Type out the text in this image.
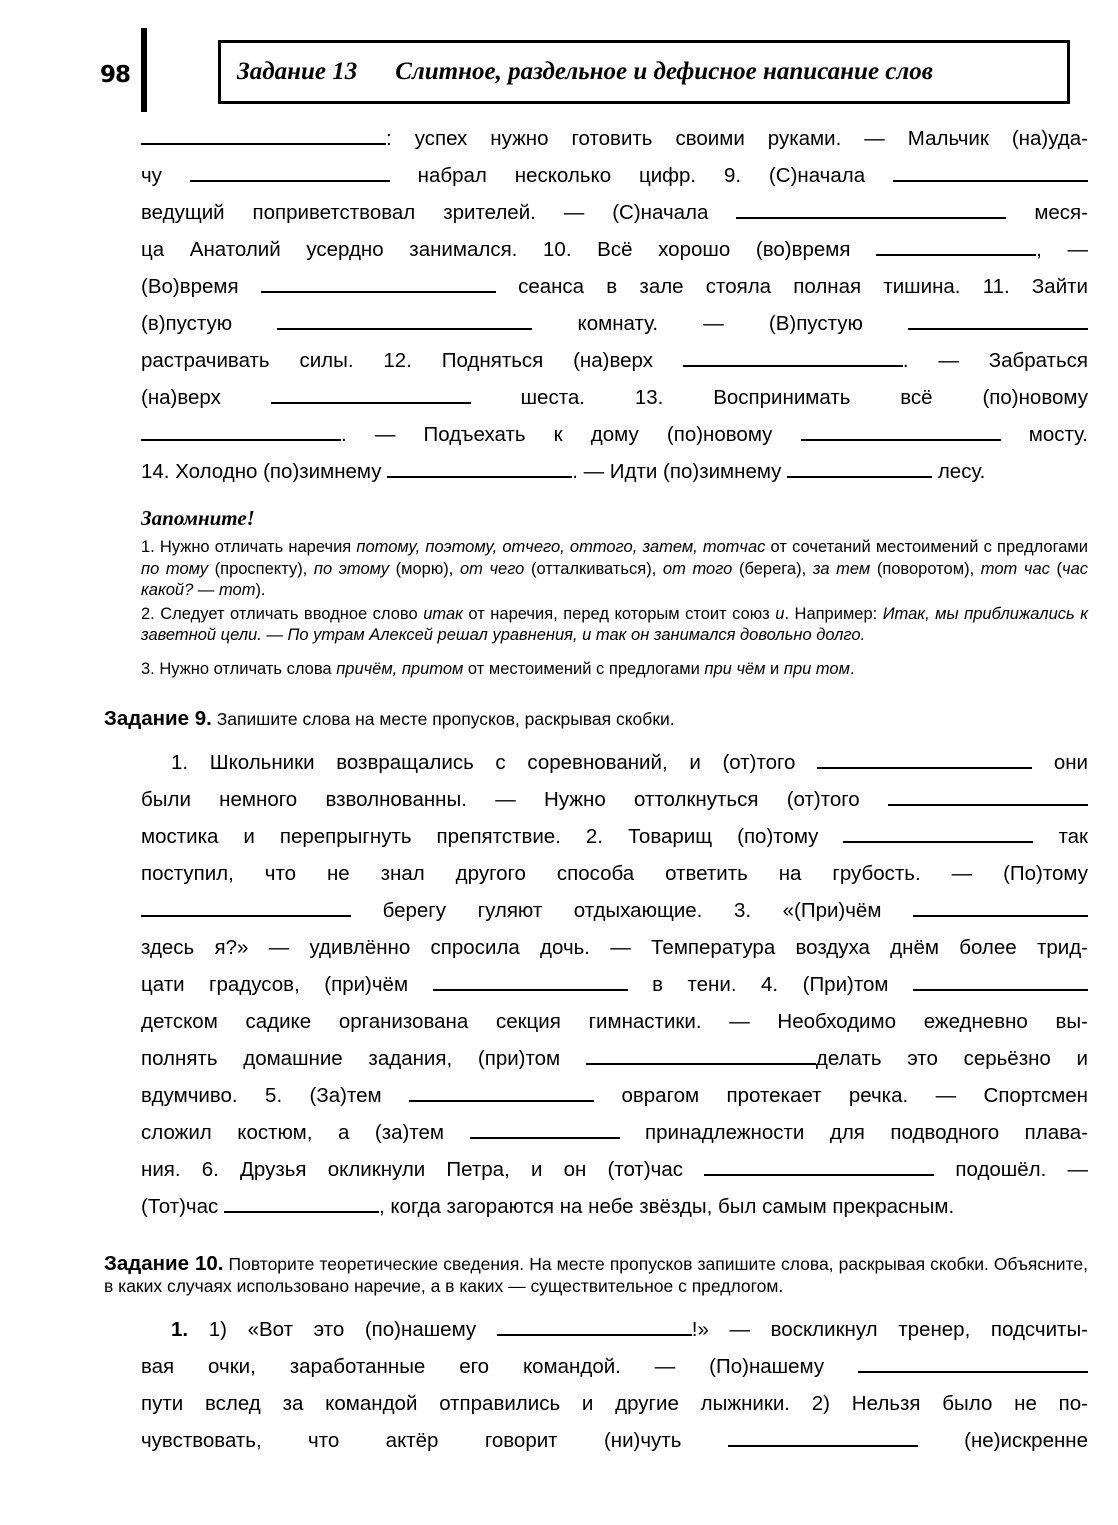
98	Задание 13 Слитное, раздельное и дефисное написание слов
: успех нужно готовить своими руками. — Мальчик (на)уда-
чу	набрал несколько цифр. 9. (С)начала
ведущий поприветствовал зрителей. — (С)начала	меся-
ца Анатолий усердно занимался. 10. Всё хорошо (во)время	, —
(Во)время	сеанса в зале стояла полная тишина. 11. Зайти
(в)пустую	комнату. — (В)пустую
растрачивать силы. 12. Подняться (на)верх	. — Забраться
(на)верх	шеста. 13. Воспринимать всё (по)новому
. — Подъехать к дому (по)новому	мосту.
14. Холодно (по)зимнему	. — Идти (по)зимнему	лесу.
Запомните!

1. Нужно отличать наречия потому, поэтому, отчего, оттого, затем, тотчас от сочетаний местоимений с предлогами по тому (проспекту), по этому (морю), от чего (отталкиваться), от того (берега), за тем (поворотом), тот час (час какой? — тот).

2. Следует отличать вводное слово итак от наречия, перед которым стоит союз и. Например: Итак, мы приближались к заветной цели. — По утрам Алексей решал уравнения, и так он занимался довольно долго.

3. Нужно отличать слова причём, притом от местоимений с предлогами при чём и при том.

Задание 9. Запишите слова на месте пропусков, раскрывая скобки.
1. Школьники возвращались с соревнований, и (от)того	они
были немного взволнованны. — Нужно оттолкнуться (от)того
мостика и перепрыгнуть препятствие. 2. Товарищ (по)тому	так
поступил, что не знал другого способа ответить на грубость. — (По)тому
берегу гуляют отдыхающие. 3. «(При)чём
здесь я?» — удивлённо спросила дочь. — Температура воздуха днём более трид-
цати градусов, (при)чём	в тени. 4. (При)том
детском садике организована секция гимнастики. — Необходимо ежедневно вы-
полнять домашние задания, (при)том	делать это серьёзно и
вдумчиво. 5. (За)тем	оврагом протекает речка. — Спортсмен
сложил костюм, а (за)тем	принадлежности для подводного плава-
ния. 6. Друзья окликнули Петра, и он (тот)час	подошёл. —
(Тот)час	, когда загораются на небе звёзды, был самым прекрасным.
Задание 10. Повторите теоретические сведения. На месте пропусков запишите слова, раскрывая скобки. Объясните, в каких случаях использовано наречие, а в каких — существительное с предлогом.
1. 1) «Вот это (по)нашему	!» — воскликнул тренер, подсчиты-
вая очки, заработанные его командой. — (По)нашему
пути вслед за командой отправились и другие лыжники. 2) Нельзя было не по-
чувствовать, что актёр говорит (ни)чуть	(не)искренне
